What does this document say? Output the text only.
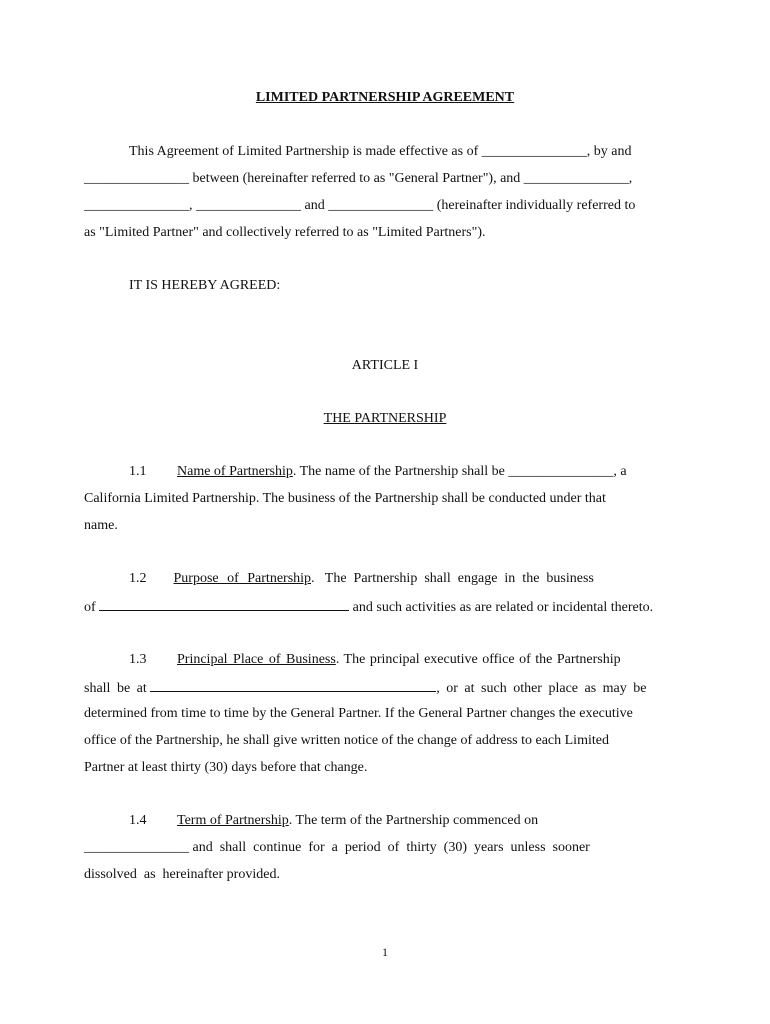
LIMITED PARTNERSHIP AGREEMENT
This Agreement of Limited Partnership is made effective as of _______________, by and
_______________ between (hereinafter referred to as "General Partner"), and _______________,
_______________, _______________ and _______________ (hereinafter individually referred to
as "Limited Partner" and collectively referred to as "Limited Partners").
IT IS HEREBY AGREED:
ARTICLE I
THE PARTNERSHIP
1.1 Name of Partnership. The name of the Partnership shall be _______________, a
California Limited Partnership. The business of the Partnership shall be conducted under that
name.
1.2 Purpose of Partnership.   The  Partnership  shall  engage  in  the  business
of	and such activities as are related or incidental thereto.
1.3 Principal Place of Business. The principal executive office of the Partnership
shall be at	, or at such other place as may be
determined from time to time by the General Partner. If the General Partner changes the executive
office of the Partnership, he shall give written notice of the change of address to each Limited
Partner at least thirty (30) days before that change.
1.4 Term of Partnership. The term of the Partnership commenced on
_______________ and  shall  continue  for  a  period  of  thirty  (30)  years  unless  sooner
dissolved  as  hereinafter provided.
1
